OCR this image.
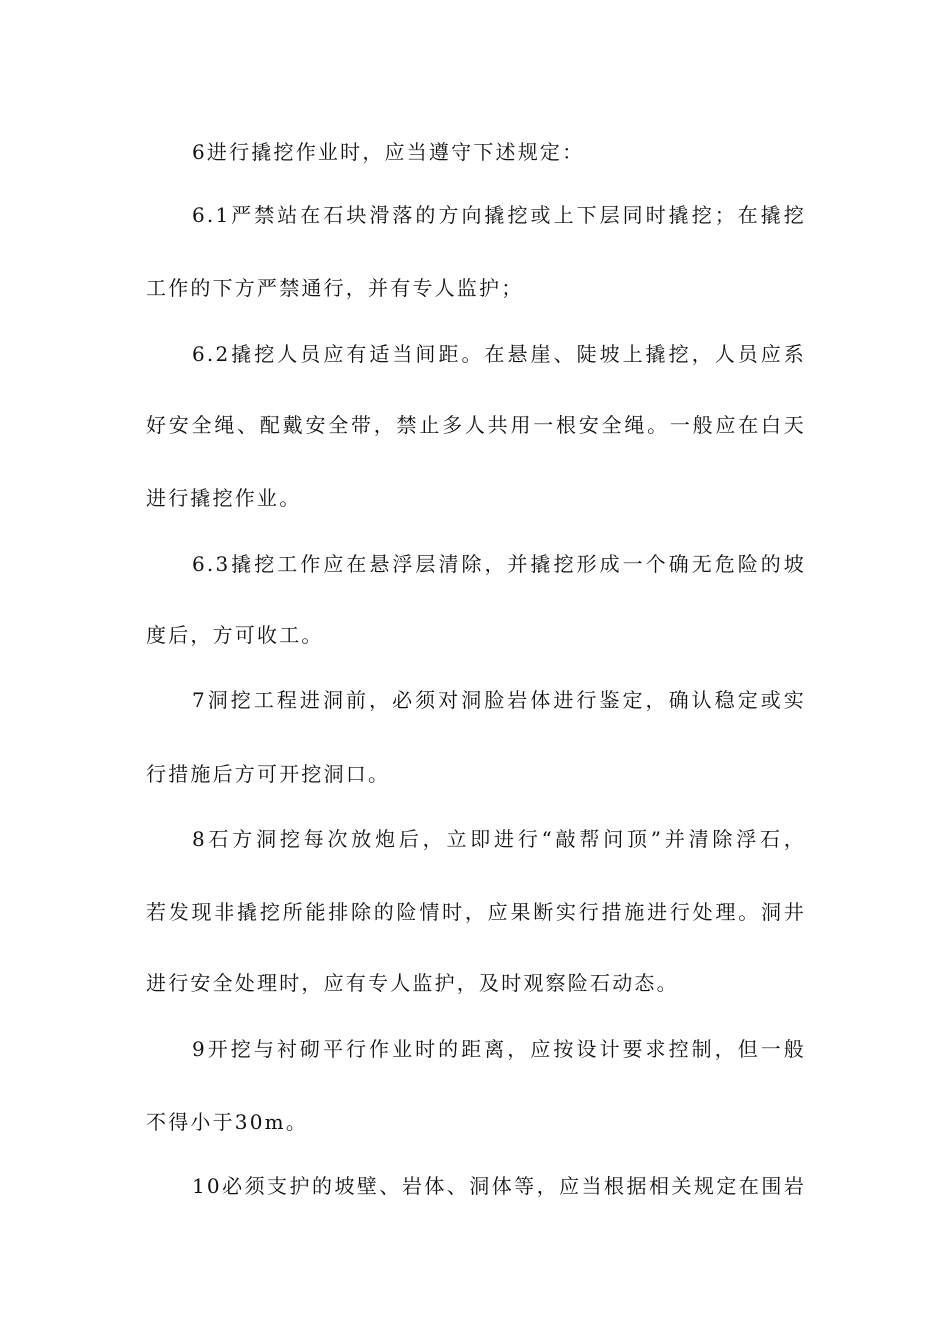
6进行撬挖作业时，应当遵守下述规定：
6.1严禁站在石块滑落的方向撬挖或上下层同时撬挖；在撬挖
工作的下方严禁通行，并有专人监护；
6.2撬挖人员应有适当间距。在悬崖、陡坡上撬挖，人员应系
好安全绳、配戴安全带，禁止多人共用一根安全绳。一般应在白天
进行撬挖作业。
6.3撬挖工作应在悬浮层清除，并撬挖形成一个确无危险的坡
度后，方可收工。
7洞挖工程进洞前，必须对洞脸岩体进行鉴定，确认稳定或实
行措施后方可开挖洞口。
8石方洞挖每次放炮后，立即进行“敲帮问顶”并清除浮石，
若发现非撬挖所能排除的险情时，应果断实行措施进行处理。洞井
进行安全处理时，应有专人监护，及时观察险石动态。
9开挖与衬砌平行作业时的距离，应按设计要求控制，但一般
不得小于30m。
10必须支护的坡壁、岩体、洞体等，应当根据相关规定在围岩
